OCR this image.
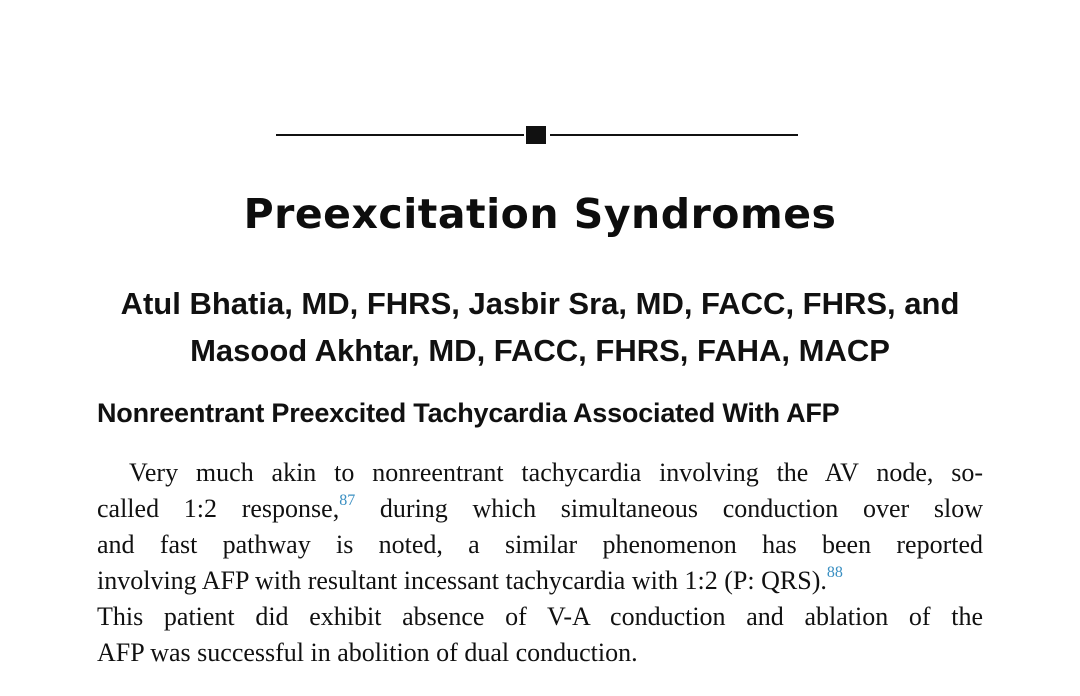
Preexcitation Syndromes
Atul Bhatia, MD, FHRS, Jasbir Sra, MD, FACC, FHRS, and
Masood Akhtar, MD, FACC, FHRS, FAHA, MACP
Nonreentrant Preexcited Tachycardia Associated With AFP
Very much akin to nonreentrant tachycardia involving the AV node, so-
called 1:2 response,$^{87}$ during which simultaneous conduction over slow
and fast pathway is noted, a similar phenomenon has been reported
involving AFP with resultant incessant tachycardia with 1:2 (P: QRS).$^{88}$
This patient did exhibit absence of V-A conduction and ablation of the
AFP was successful in abolition of dual conduction.
